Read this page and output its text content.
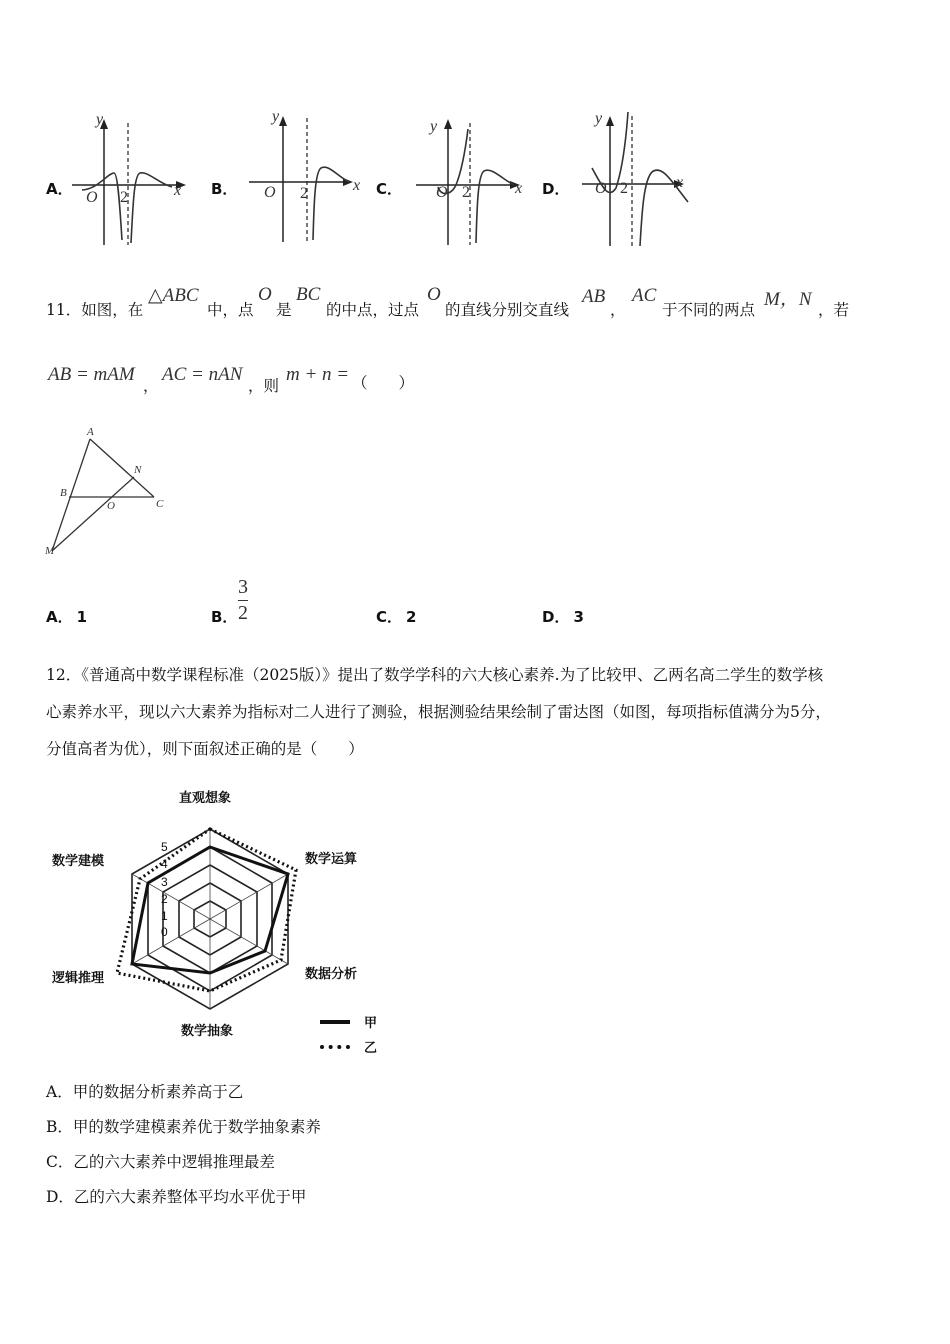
A．
y
O 2	x B．
y
O 2	x C．
y
O 2	x D．
y
O 2	x
11．如图，在
△ABC
中，点
O
是
BC
的中点，过点
O
的直线分别交直线
AB
，
AC
于不同的两点 M，N ，若
AB = mAM
，
AC = nAN
，则
m + n = （　　）
A
B
C
O
N
M
A． 1	B．
3
2	C． 2	D． 3
12．《普通高中数学课程标准（2025版）》提出了数学学科的六大核心素养.为了比较甲、乙两名高二学生的数学核
心素养水平，现以六大素养为指标对二人进行了测验，根据测验结果绘制了雷达图（如图，每项指标值满分为5分，
分值高者为优），则下面叙述正确的是（　　）
5
4
3
2
1
0
直观想象
数学运算
数据分析
数学抽象
逻辑推理
数学建模
甲
乙
A．甲的数据分析素养高于乙
B．甲的数学建模素养优于数学抽象素养
C．乙的六大素养中逻辑推理最差
D．乙的六大素养整体平均水平优于甲
